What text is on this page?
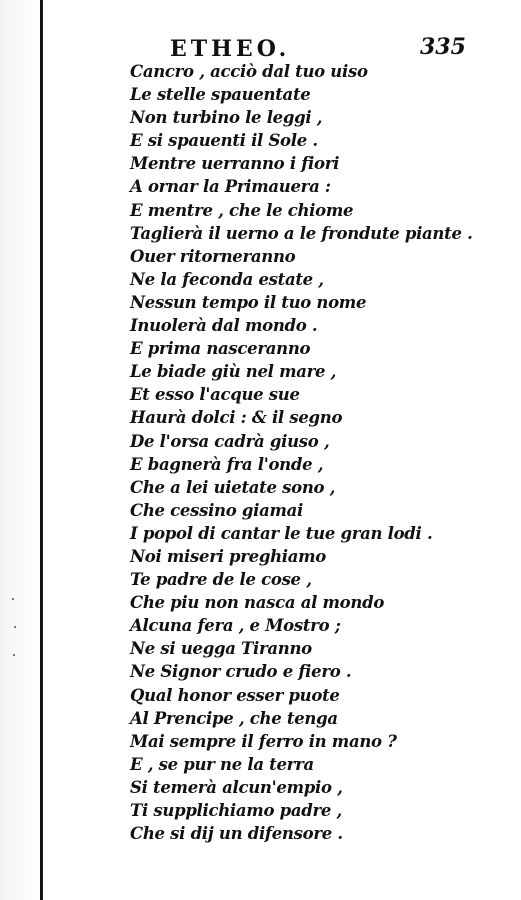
ETHEO.	335
Cancro , acciò dal tuo uiso
Le stelle spauentate
Non turbino le leggi ,
E si spauenti il Sole .
Mentre uerranno i fiori
A ornar la Primauera :
E mentre , che le chiome
Taglierà il uerno a le frondute piante .
Ouer ritorneranno
Ne la feconda estate ,
Nessun tempo il tuo nome
Inuolerà dal mondo .
E prima nasceranno
Le biade giù nel mare ,
Et esso l'acque sue
Haurà dolci : & il segno
De l'orsa cadrà giuso ,
E bagnerà fra l'onde ,
Che a lei uietate sono ,
Che cessino giamai
I popol di cantar le tue gran lodi .
Noi miseri preghiamo
Te padre de le cose ,
Che piu non nasca al mondo
Alcuna fera , e Mostro ;
Ne si uegga Tiranno
Ne Signor crudo e fiero .
Qual honor esser puote
Al Prencipe , che tenga
Mai sempre il ferro in mano ?
E , se pur ne la terra
Si temerà alcun'empio ,
Ti supplichiamo padre ,
Che si dij un difensore .
